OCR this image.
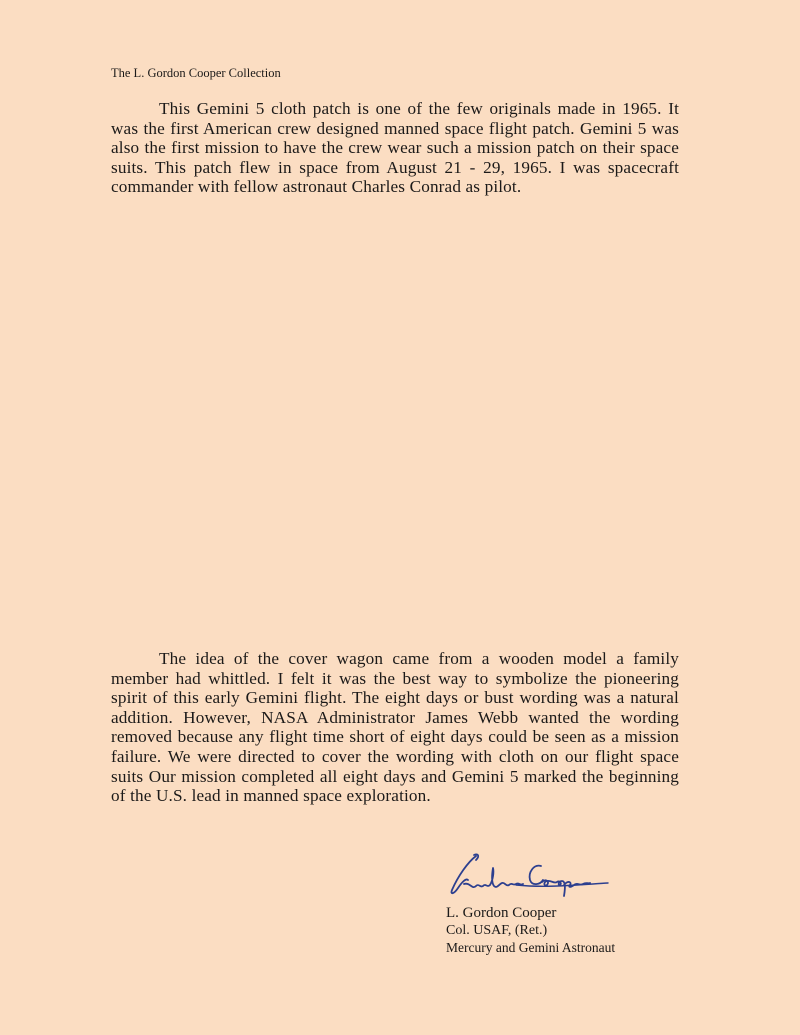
The L. Gordon Cooper Collection

This Gemini 5 cloth patch is one of the few originals made in 1965. It was the first American crew designed manned space flight patch. Gemini 5 was also the first mission to have the crew wear such a mission patch on their space suits. This patch flew in space from August 21 - 29, 1965. I was spacecraft commander with fellow astronaut Charles Conrad as pilot.

The idea of the cover wagon came from a wooden model a family member had whittled. I felt it was the best way to symbolize the pioneering spirit of this early Gemini flight. The eight days or bust wording was a natural addition. However, NASA Administrator James Webb wanted the wording removed because any flight time short of eight days could be seen as a mission failure. We were directed to cover the wording with cloth on our flight space suits Our mission completed all eight days and Gemini 5 marked the beginning of the U.S. lead in manned space exploration.

L. Gordon Cooper
Col. USAF, (Ret.)
Mercury and Gemini Astronaut
